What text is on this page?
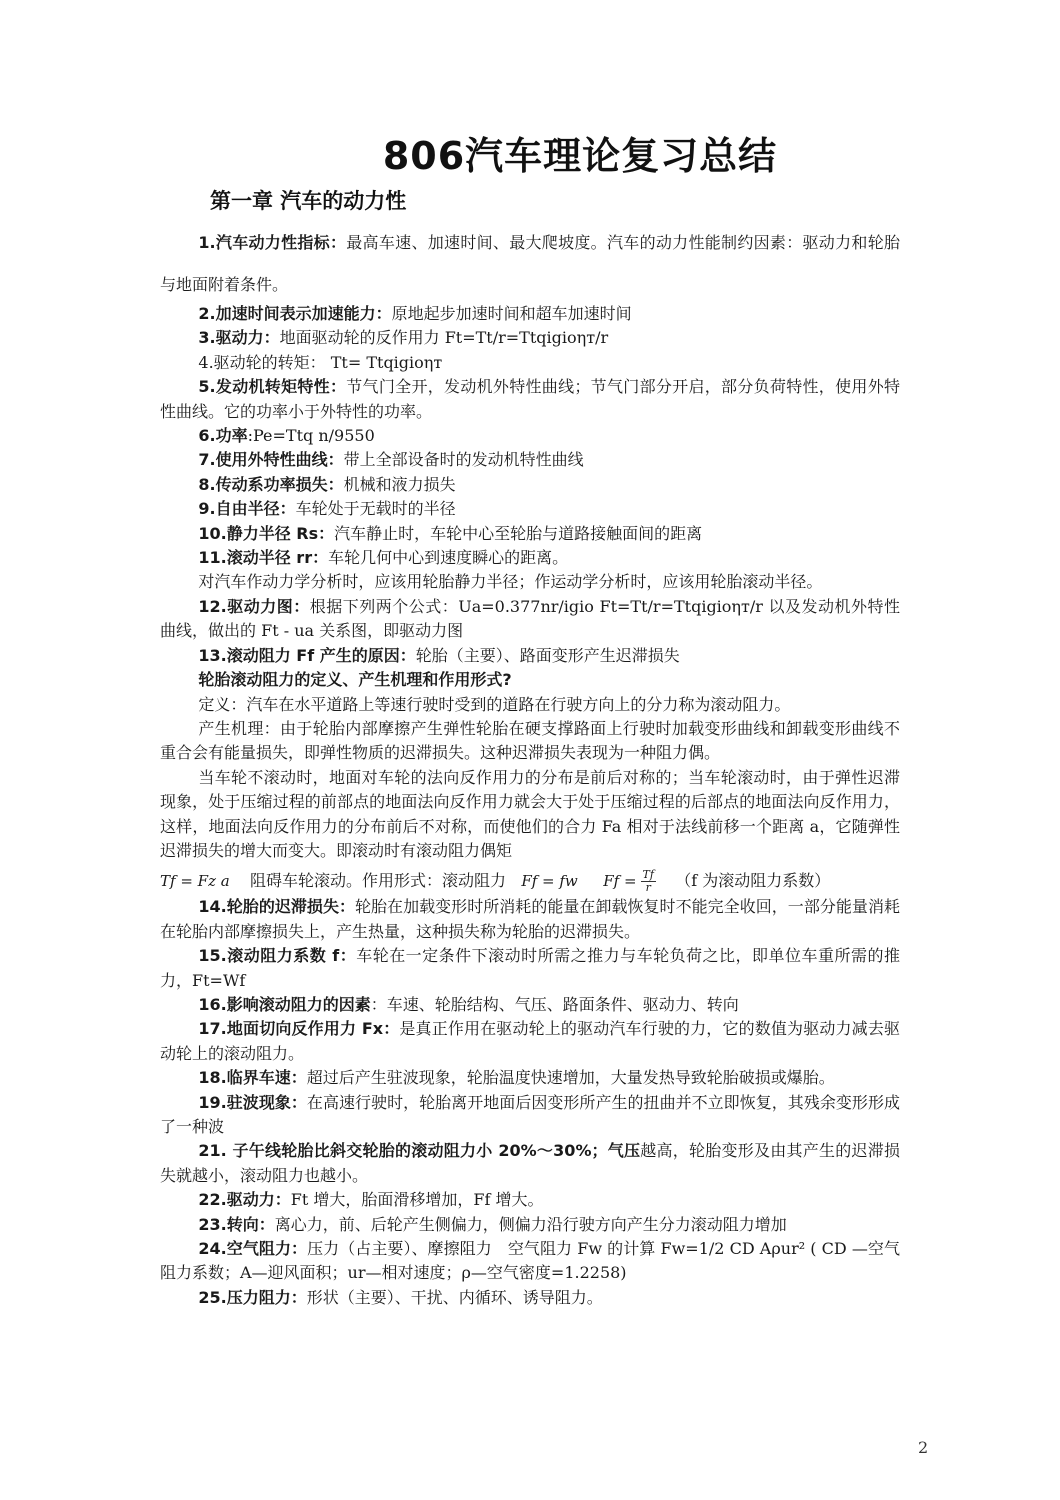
806汽车理论复习总结
第一章 汽车的动力性

1.汽车动力性指标：最高车速、加速时间、最大爬坡度。汽车的动力性能制约因素：驱动力和轮胎与地面附着条件。

2.加速时间表示加速能力：原地起步加速时间和超车加速时间

3.驱动力：地面驱动轮的反作用力 Ft=Tt/r=Ttqigioηт/r

4.驱动轮的转矩： Tt= Ttqigioηт

5.发动机转矩特性：节气门全开，发动机外特性曲线；节气门部分开启，部分负荷特性，使用外特性曲线。它的功率小于外特性的功率。

6.功率:Pe=Ttq n/9550

7.使用外特性曲线：带上全部设备时的发动机特性曲线

8.传动系功率损失：机械和液力损失

9.自由半径：车轮处于无载时的半径

10.静力半径 Rs：汽车静止时，车轮中心至轮胎与道路接触面间的距离

11.滚动半径 rr：车轮几何中心到速度瞬心的距离。

对汽车作动力学分析时，应该用轮胎静力半径；作运动学分析时，应该用轮胎滚动半径。

12.驱动力图：根据下列两个公式：Ua=0.377nr/igio Ft=Tt/r=Ttqigioηт/r 以及发动机外特性曲线，做出的 Ft - ua 关系图，即驱动力图

13.滚动阻力 Ff 产生的原因：轮胎（主要）、路面变形产生迟滞损失

轮胎滚动阻力的定义、产生机理和作用形式?

定义：汽车在水平道路上等速行驶时受到的道路在行驶方向上的分力称为滚动阻力。

产生机理：由于轮胎内部摩擦产生弹性轮胎在硬支撑路面上行驶时加载变形曲线和卸载变形曲线不重合会有能量损失，即弹性物质的迟滞损失。这种迟滞损失表现为一种阻力偶。

当车轮不滚动时，地面对车轮的法向反作用力的分布是前后对称的；当车轮滚动时，由于弹性迟滞现象，处于压缩过程的前部点的地面法向反作用力就会大于处于压缩过程的后部点的地面法向反作用力，这样，地面法向反作用力的分布前后不对称，而使他们的合力 Fa 相对于法线前移一个距离 a，它随弹性迟滞损失的增大而变大。即滚动时有滚动阻力偶矩

Tf = Fz a 阻碍车轮滚动。作用形式：滚动阻力 Ff = fw $Ff = \frac{Tf}{r} (f$ 为滚动阻力系数）

14.轮胎的迟滞损失：轮胎在加载变形时所消耗的能量在卸载恢复时不能完全收回，一部分能量消耗在轮胎内部摩擦损失上，产生热量，这种损失称为轮胎的迟滞损失。

15.滚动阻力系数 f：车轮在一定条件下滚动时所需之推力与车轮负荷之比，即单位车重所需的推力，Ft=Wf

16.影响滚动阻力的因素：车速、轮胎结构、气压、路面条件、驱动力、转向

17.地面切向反作用力 Fx：是真正作用在驱动轮上的驱动汽车行驶的力，它的数值为驱动力减去驱动轮上的滚动阻力。

18.临界车速：超过后产生驻波现象，轮胎温度快速增加，大量发热导致轮胎破损或爆胎。

19.驻波现象：在高速行驶时，轮胎离开地面后因变形所产生的扭曲并不立即恢复，其残余变形形成了一种波

21. 子午线轮胎比斜交轮胎的滚动阻力小 20%～30%；气压越高，轮胎变形及由其产生的迟滞损失就越小，滚动阻力也越小。

22.驱动力：Ft 增大，胎面滑移增加，Ff 增大。

23.转向：离心力，前、后轮产生侧偏力，侧偏力沿行驶方向产生分力滚动阻力增加

24.空气阻力：压力（占主要）、摩擦阻力　空气阻力 Fw 的计算 Fw=1/2 CD Aρur² ( CD —空气阻力系数；A—迎风面积；ur—相对速度；ρ—空气密度=1.2258)

25.压力阻力：形状（主要）、干扰、内循环、诱导阻力。

2
